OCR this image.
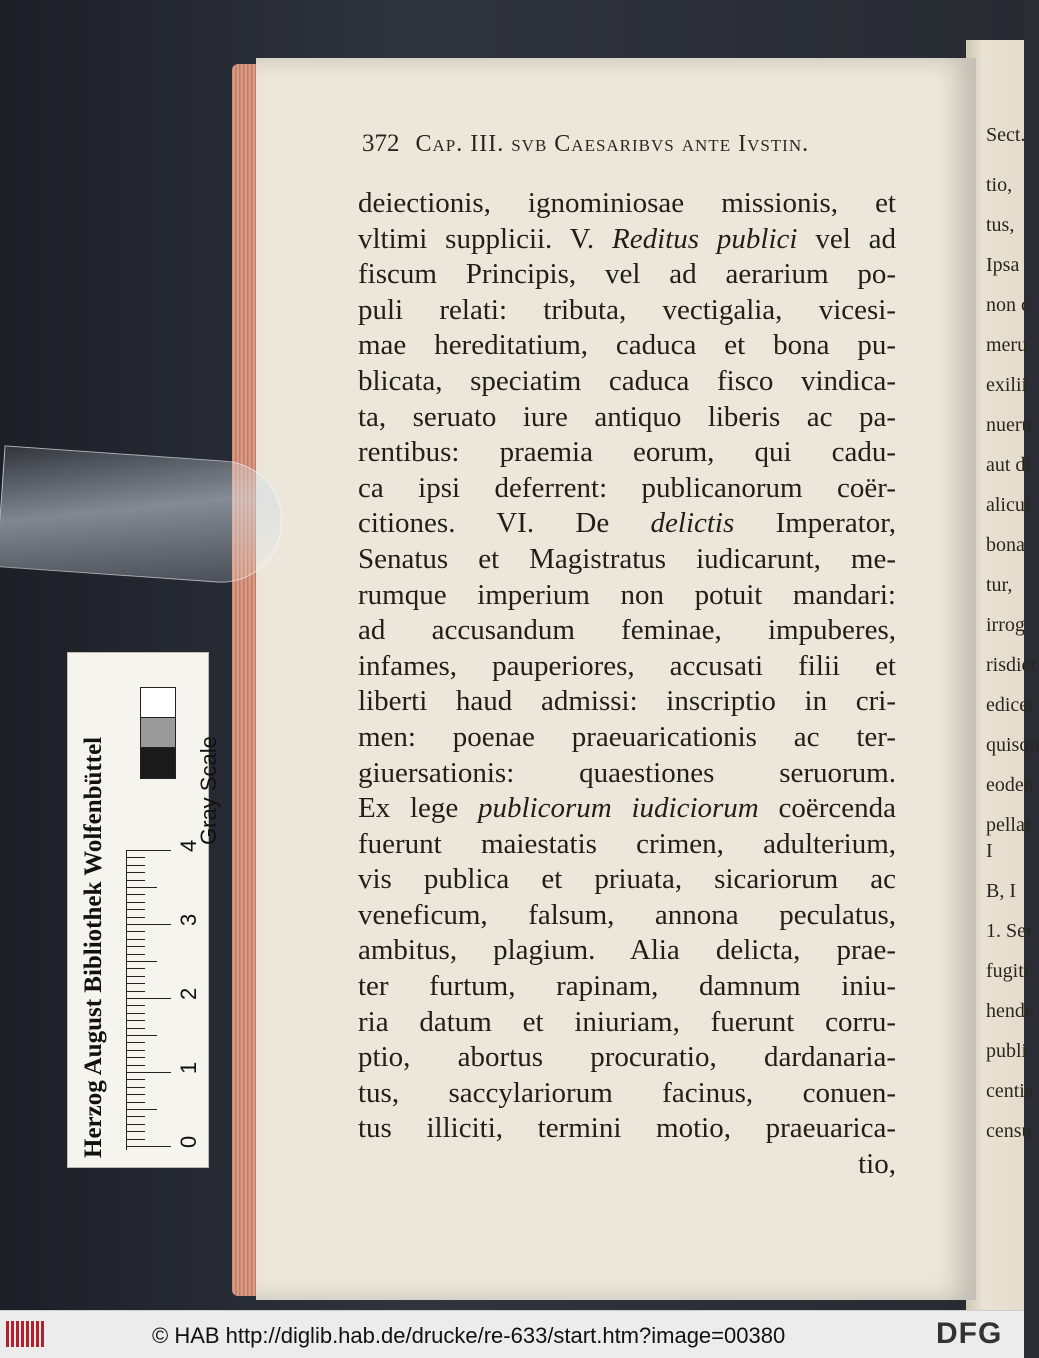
Sect.
tio,
tus,
Ipsa
non c
meru
exilii
nueru
aut di
alicui
bona
tur,
irrog
risdict
edicer
quisqu
eoden
pellat
I
B, I
1. Ser
fugiti
hende
publi
centia
censu
372 Cap. III. svb Caesaribvs ante Ivstin.
deiectionis, ignominiosae missionis, et
vltimi supplicii. V. Reditus publici vel ad
fiscum Principis, vel ad aerarium po-
puli relati: tributa, vectigalia, vicesi-
mae hereditatium, caduca et bona pu-
blicata, speciatim caduca fisco vindica-
ta, seruato iure antiquo liberis ac pa-
rentibus: praemia eorum, qui cadu-
ca ipsi deferrent: publicanorum coër-
citiones. VI. De delictis Imperator,
Senatus et Magistratus iudicarunt, me-
rumque imperium non potuit mandari:
ad accusandum feminae, impuberes,
infames, pauperiores, accusati filii et
liberti haud admissi: inscriptio in cri-
men: poenae praeuaricationis ac ter-
giuersationis: quaestiones seruorum.
Ex lege publicorum iudiciorum coërcenda
fuerunt maiestatis crimen, adulterium,
vis publica et priuata, sicariorum ac
veneficum, falsum, annona peculatus,
ambitus, plagium. Alia delicta, prae-
ter furtum, rapinam, damnum iniu-
ria datum et iniuriam, fuerunt corru-
ptio, abortus procuratio, dardanaria-
tus, saccylariorum facinus, conuen-
tus illiciti, termini motio, praeuarica-
tio,
Herzog August Bibliothek Wolfenbüttel	Gray Scale
0
1
2
3
4
© HAB http://diglib.hab.de/drucke/re-633/start.htm?image=00380	DFG
